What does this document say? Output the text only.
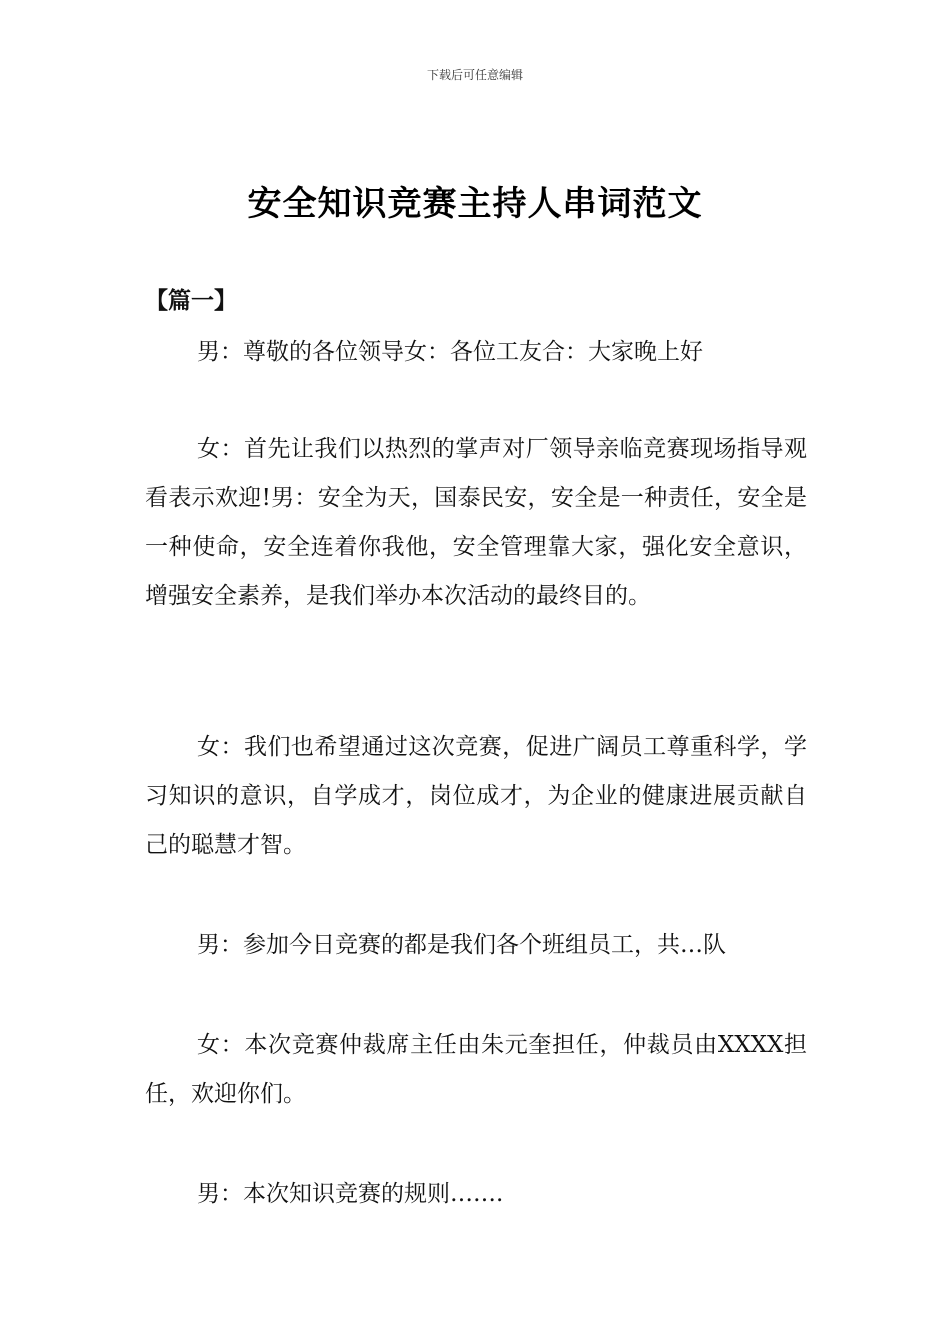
下载后可任意编辑
安全知识竞赛主持人串词范文
【篇一】

男：尊敬的各位领导女：各位工友合：大家晚上好

女：首先让我们以热烈的掌声对厂领导亲临竞赛现场指导观看表示欢迎!男：安全为天，国泰民安，安全是一种责任，安全是一种使命，安全连着你我他，安全管理靠大家，强化安全意识，增强安全素养，是我们举办本次活动的最终目的。

女：我们也希望通过这次竞赛，促进广阔员工尊重科学，学习知识的意识，自学成才，岗位成才，为企业的健康进展贡献自己的聪慧才智。

男：参加今日竞赛的都是我们各个班组员工，共…队

女：本次竞赛仲裁席主任由朱元奎担任，仲裁员由XXXX担任，欢迎你们。

男：本次知识竞赛的规则…….
